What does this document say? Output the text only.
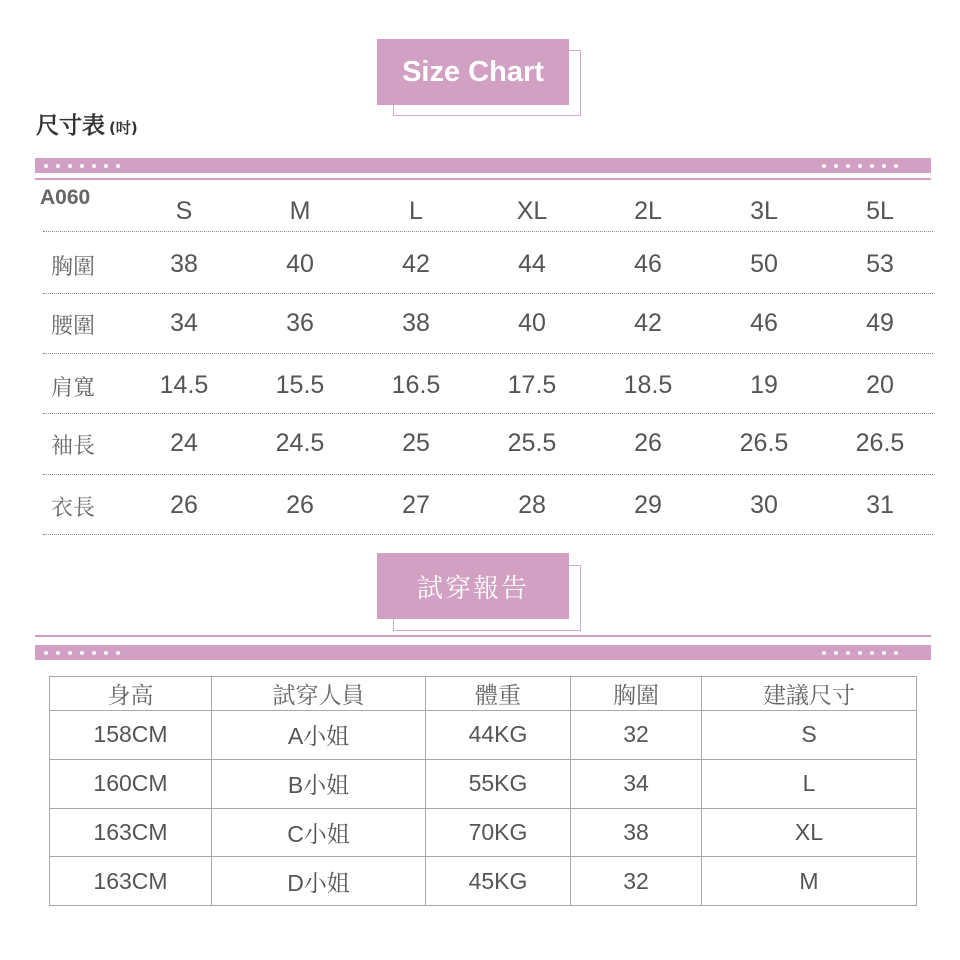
Size Chart
尺寸表 (吋)
A060	S	M	L	XL	2L	3L	5L
胸圍	38	40	42	44	46	50	53
腰圍	34	36	38	40	42	46	49
肩寬	14.5	15.5	16.5	17.5	18.5	19	20
袖長	24	24.5	25	25.5	26	26.5	26.5
衣長	26	26	27	28	29	30	31
試穿報告
身高	試穿人員	體重	胸圍	建議尺寸
158CM	A小姐	44KG	32	S
160CM	B小姐	55KG	34	L
163CM	C小姐	70KG	38	XL
163CM	D小姐	45KG	32	M
